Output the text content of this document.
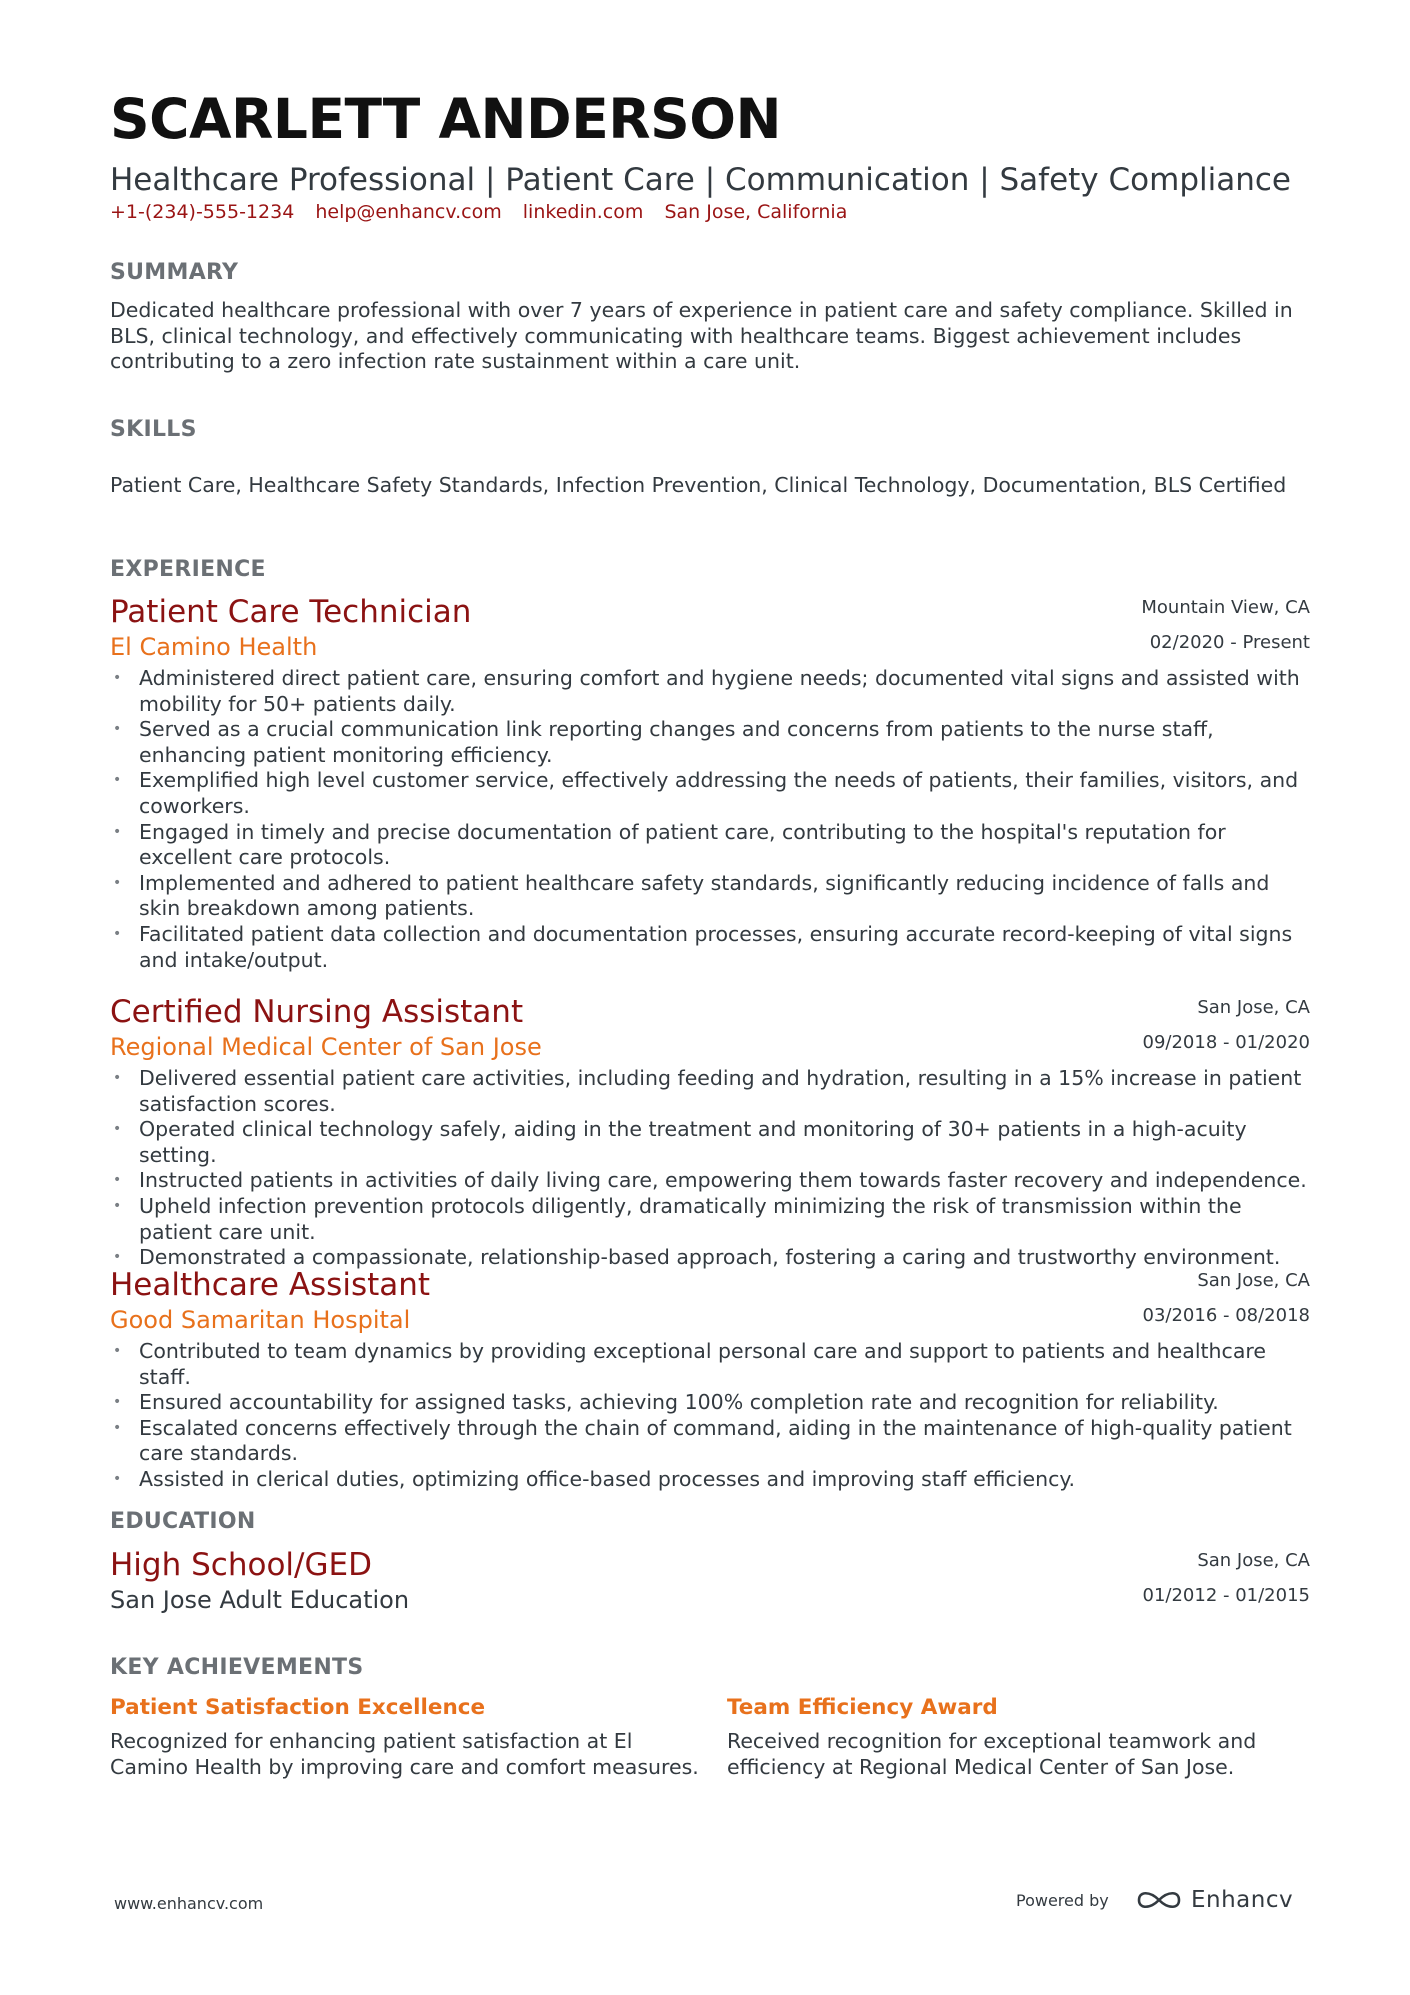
SCARLETT ANDERSON
Healthcare Professional | Patient Care | Communication | Safety Compliance
+1-(234)-555-1234 help@enhancv.com linkedin.com San Jose, California
SUMMARY
Dedicated healthcare professional with over 7 years of experience in patient care and safety compliance. Skilled in BLS, clinical technology, and effectively communicating with healthcare teams. Biggest achievement includes contributing to a zero infection rate sustainment within a care unit.
SKILLS
Patient Care, Healthcare Safety Standards, Infection Prevention, Clinical Technology, Documentation, BLS Certified
EXPERIENCE
Patient Care Technician
El Camino Health
Mountain View, CA
02/2020 - Present
• Administered direct patient care, ensuring comfort and hygiene needs; documented vital signs and assisted with mobility for 50+ patients daily.
• Served as a crucial communication link reporting changes and concerns from patients to the nurse staff, enhancing patient monitoring efficiency.
• Exemplified high level customer service, effectively addressing the needs of patients, their families, visitors, and coworkers.
• Engaged in timely and precise documentation of patient care, contributing to the hospital's reputation for excellent care protocols.
• Implemented and adhered to patient healthcare safety standards, significantly reducing incidence of falls and skin breakdown among patients.
• Facilitated patient data collection and documentation processes, ensuring accurate record-keeping of vital signs and intake/output.
Certified Nursing Assistant
Regional Medical Center of San Jose
San Jose, CA
09/2018 - 01/2020
• Delivered essential patient care activities, including feeding and hydration, resulting in a 15% increase in patient satisfaction scores.
• Operated clinical technology safely, aiding in the treatment and monitoring of 30+ patients in a high-acuity setting.
• Instructed patients in activities of daily living care, empowering them towards faster recovery and independence.
• Upheld infection prevention protocols diligently, dramatically minimizing the risk of transmission within the patient care unit.
• Demonstrated a compassionate, relationship-based approach, fostering a caring and trustworthy environment.
Healthcare Assistant
Good Samaritan Hospital
San Jose, CA
03/2016 - 08/2018
• Contributed to team dynamics by providing exceptional personal care and support to patients and healthcare staff.
• Ensured accountability for assigned tasks, achieving 100% completion rate and recognition for reliability.
• Escalated concerns effectively through the chain of command, aiding in the maintenance of high-quality patient care standards.
• Assisted in clerical duties, optimizing office-based processes and improving staff efficiency.
EDUCATION
High School/GED
San Jose Adult Education
San Jose, CA
01/2012 - 01/2015
KEY ACHIEVEMENTS
Patient Satisfaction Excellence
Recognized for enhancing patient satisfaction at El Camino Health by improving care and comfort measures.
Team Efficiency Award
Received recognition for exceptional teamwork and efficiency at Regional Medical Center of San Jose.
www.enhancv.com	Powered by	Enhancv
